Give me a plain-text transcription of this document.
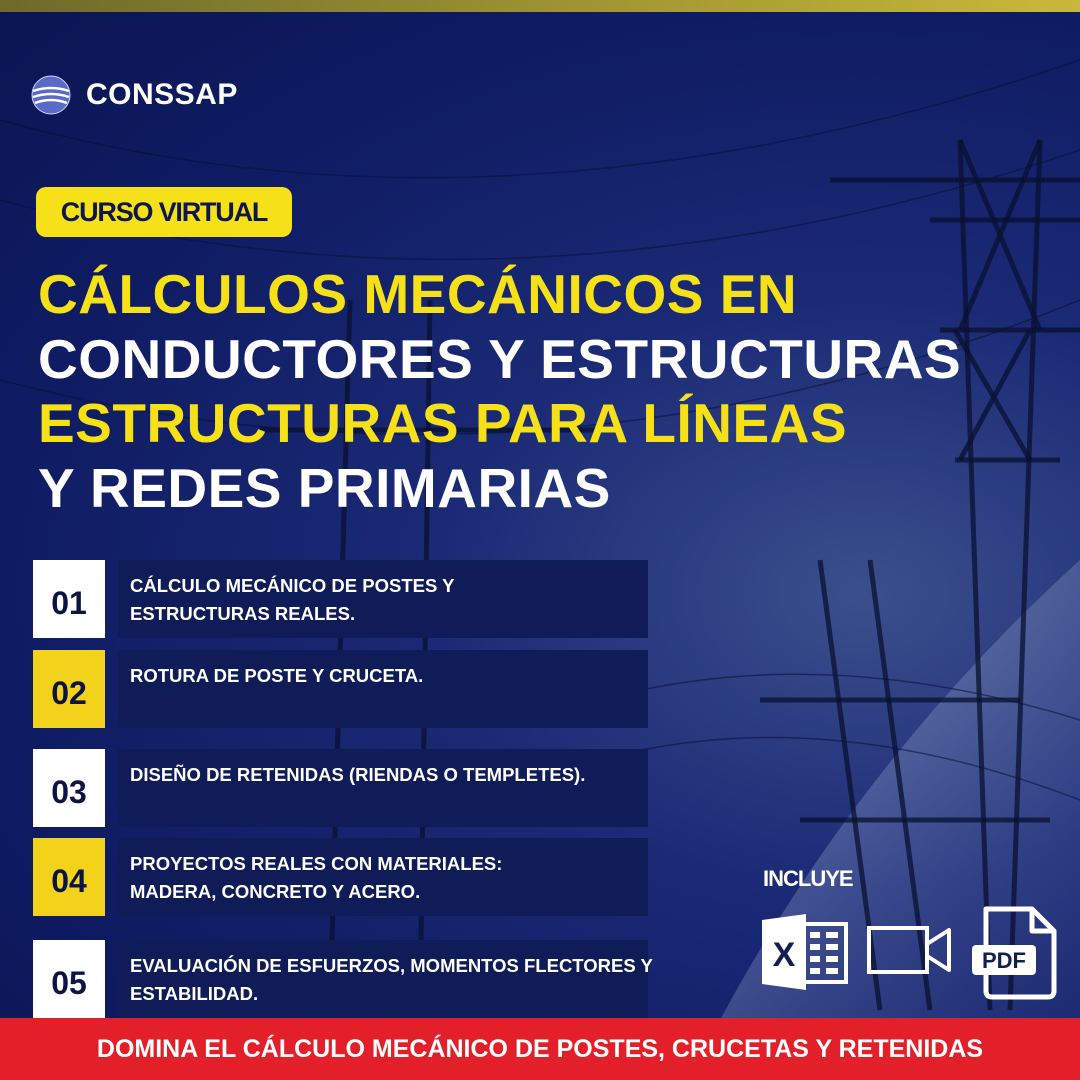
CONSSAP
CURSO VIRTUAL
CÁLCULOS MECÁNICOS EN
CONDUCTORES Y ESTRUCTURAS
ESTRUCTURAS PARA LÍNEAS
Y REDES PRIMARIAS
01	CÁLCULO MECÁNICO DE POSTES Y
ESTRUCTURAS REALES.
02	ROTURA DE POSTE Y CRUCETA.
03	DISEÑO DE RETENIDAS (RIENDAS O TEMPLETES).
04	PROYECTOS REALES CON MATERIALES:
MADERA, CONCRETO Y ACERO.
05	EVALUACIÓN DE ESFUERZOS, MOMENTOS FLECTORES Y
ESTABILIDAD.
INCLUYE
X	PDF
DOMINA EL CÁLCULO MECÁNICO DE POSTES, CRUCETAS Y RETENIDAS
